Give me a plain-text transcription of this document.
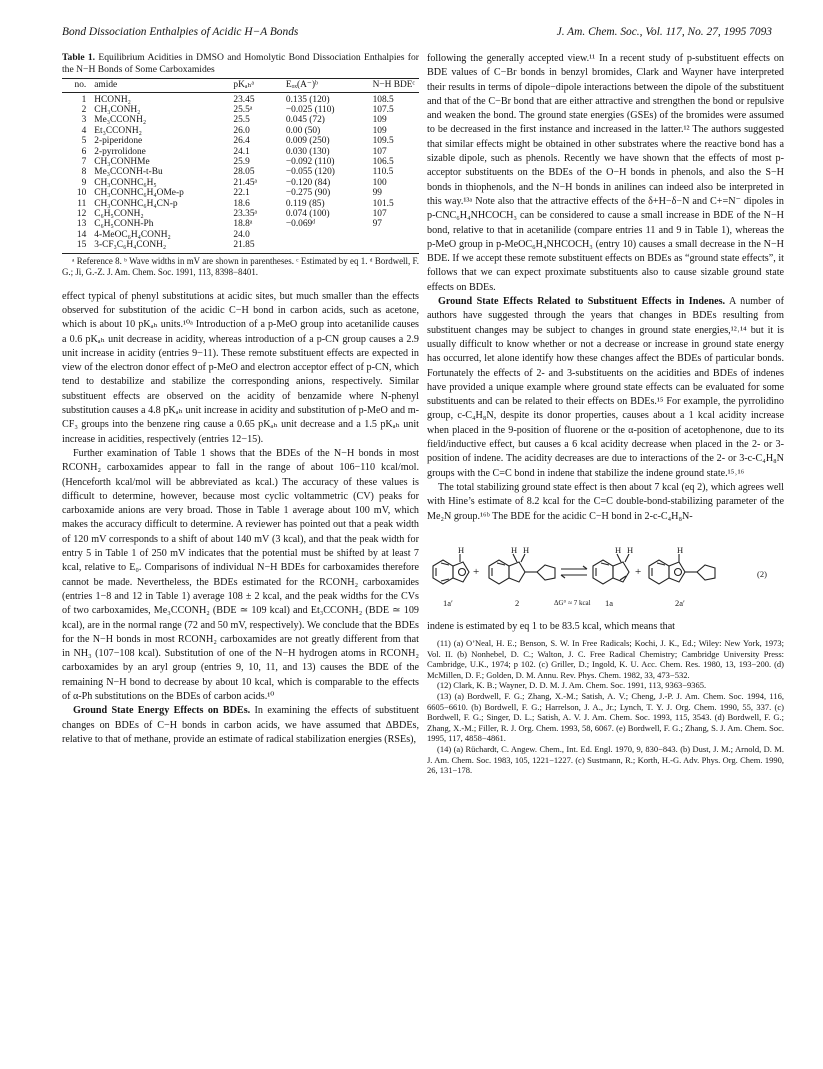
Bond Dissociation Enthalpies of Acidic H−A Bonds	J. Am. Chem. Soc., Vol. 117, No. 27, 1995 7093
Table 1. Equilibrium Acidities in DMSO and Homolytic Bond Dissociation Enthalpies for the N−H Bonds of Some Carboxamides
no.	amide	pKₐₕᵃ	Eₒₓ(A⁻)ᵇ	N−H BDEᶜ
1	HCONH₂	23.45	0.135 (120)	108.5
2	CH₃CONH₂	25.5ᵃ	−0.025 (110)	107.5
3	Me₃CCONH₂	25.5	0.045 (72)	109
4	Et₃CCONH₂	26.0	0.00 (50)	109
5	2-piperidone	26.4	0.009 (250)	109.5
6	2-pyrrolidone	24.1	0.030 (130)	107
7	CH₃CONHMe	25.9	−0.092 (110)	106.5
8	Me₃CCONH-t-Bu	28.05	−0.055 (120)	110.5
9	CH₃CONHC₆H₅	21.45ᵃ	−0.120 (84)	100
10	CH₃CONHC₆H₄OMe-p	22.1	−0.275 (90)	99
11	CH₃CONHC₆H₄CN-p	18.6	0.119 (85)	101.5
12	C₆H₅CONH₂	23.35ᵃ	0.074 (100)	107
13	C₆H₅CONH-Ph	18.8ᵃ	−0.069ᵈ	97
14	4-MeOC₆H₄CONH₂	24.0		
15	3-CF₃C₆H₄CONH₂	21.85		

ᵃ Reference 8. ᵇ Wave widths in mV are shown in parentheses. ᶜ Estimated by eq 1. ᵈ Bordwell, F. G.; Ji, G.-Z. J. Am. Chem. Soc. 1991, 113, 8398−8401.

effect typical of phenyl substitutions at acidic sites, but much smaller than the effects observed for substitution of the acidic C−H bond in carbon acids, such as acetone, which is about 10 pKₐₕ units.¹⁰ᵃ Introduction of a p-MeO group into acetanilide causes a 0.6 pKₐₕ unit decrease in acidity, whereas introduction of a p-CN group causes a 2.9 unit increase in acidity (entries 9−11). These remote substituent effects are expected in view of the electron donor effect of p-MeO and electron acceptor effect of p-CN, which tend to destabilize and stabilize the corresponding anions, respectively. Similar substituent effects are observed on the acidity of benzamide where N-phenyl substitution causes a 4.8 pKₐₕ unit increase in acidity and substitution of p-MeO and m-CF₃ groups into the benzene ring cause a 0.65 pKₐₕ unit decrease and a 1.5 pKₐₕ unit increase in acidities, respectively (entries 12−15).

Further examination of Table 1 shows that the BDEs of the N−H bonds in most RCONH₂ carboxamides appear to fall in the range of about 106−110 kcal/mol. (Henceforth kcal/mol will be abbreviated as kcal.) The accuracy of these values is difficult to determine, however, because most cyclic voltammetric (CV) peaks for carboxamide anions are very broad. Those in Table 1 average about 100 mV, which makes the accuracy difficult to determine. A reviewer has pointed out that a peak width of 120 mV corresponds to a shift of about 140 mV (3 kcal), and that the peak width for entry 5 in Table 1 of 250 mV indicates that the potential must be shifted by at least 7 kcal, relative to E₀. Comparisons of individual N−H BDEs for carboxamides therefore cannot be made. Nevertheless, the BDEs estimated for the RCONH₂ carboxamides (entries 1−8 and 12 in Table 1) average 108 ± 2 kcal, and the peak widths for the CVs of two carboxamides, Me₃CCONH₂ (BDE ≃ 109 kcal) and Et₃CCONH₂ (BDE ≃ 109 kcal), are in the normal range (72 and 50 mV, respectively). We conclude that the BDEs for the N−H bonds in most RCONH₂ carboxamides are not greatly different from that in NH₃ (107−108 kcal). Substitution of one of the N−H hydrogen atoms in RCONH₂ carboxamides by an aryl group (entries 9, 10, 11, and 13) causes the BDE of the remaining N−H bond to decrease by about 10 kcal, which is comparable to the effects of α-Ph substitutions on the BDEs of carbon acids.¹⁰

Ground State Energy Effects on BDEs. In examining the effects of substituent changes on BDEs of C−H bonds in carbon acids, we have assumed that ΔBDEs, relative to that of methane, provide an estimate of radical stabilization energies (RSEs),

following the generally accepted view.¹¹ In a recent study of p-substituent effects on BDE values of C−Br bonds in benzyl bromides, Clark and Wayner have interpreted their results in terms of dipole−dipole interactions between the dipole of the substituent and that of the C−Br bond that are either attractive and strengthen the bond or repulsive and weaken the bond. The ground state energies (GSEs) of the bromides were assumed to be decreased in the first instance and increased in the latter.¹² The authors suggested that similar effects might be obtained in other substrates where the reactive bond has a sizable dipole, such as phenols. Recently we have shown that the effects of most p-acceptor substituents on the BDEs of the O−H bonds in phenols, and also the S−H bonds in thiophenols, and the N−H bonds in anilines can indeed also be interpreted in this way.¹³ᵃ Note also that the attractive effects of the δ+H−δ−N and C+=N⁻ dipoles in p-CNC₆H₄NHCOCH₃ can be considered to cause a small increase in BDE of the N−H bond, relative to that in acetanilide (compare entries 11 and 9 in Table 1), whereas the p-MeO group in p-MeOC₆H₄NHCOCH₃ (entry 10) causes a small decrease in the N−H BDE. If we accept these remote substituent effects on BDEs as “ground state effects”, it follows that we can expect proximate substituents also to cause sizable ground state effects on BDEs.

Ground State Effects Related to Substituent Effects in Indenes. A number of authors have suggested through the years that changes in BDEs resulting from substituent changes may be subject to changes in ground state energies,¹²˒¹⁴ but it is usually difficult to know whether or not a decrease or increase in ground state energy has occurred, let alone identify how these changes affect the BDEs of particular bonds. Fortunately the effects of 2- and 3-substituents on the acidities and BDEs of indenes have provided a unique example where ground state effects can be evaluated for some substituents and can be related to their effects on BDEs.¹⁵ For example, the pyrrolidino group, c-C₄H₈N, despite its donor properties, causes about a 1 kcal acidity increase when placed in the 9-position of fluorene or the α-position of acetophenone, due to its field/inductive effect, but causes a 6 kcal acidity decrease when placed in the 2- or 3-position of indene. The acidity decreases are due to interactions of the 2- or 3-c-C₄H₈N groups with the C=C bond in indene that stabilize the indene ground state.¹⁵˒¹⁶

The total stabilizing ground state effect is then about 7 kcal (eq 2), which agrees well with Hine’s estimate of 8.2 kcal for the C=C double-bond-stabilizing parameter of the Me₂N group.¹⁶ᵇ The BDE for the acidic C−H bond in 2-c-C₄H₈N-

H	H H	H H	H
+	+	(2)
1a′	2	ΔG° ≈ 7 kcal 1a	2a′

indene is estimated by eq 1 to be 83.5 kcal, which means that

(11) (a) O’Neal, H. E.; Benson, S. W. In Free Radicals; Kochi, J. K., Ed.; Wiley: New York, 1973; Vol. II. (b) Nonhebel, D. C.; Walton, J. C. Free Radical Chemistry; Cambridge University Press: Cambridge, U.K., 1974; p 102. (c) Griller, D.; Ingold, K. U. Acc. Chem. Res. 1980, 13, 193−200. (d) McMillen, D. F.; Golden, D. M. Annu. Rev. Phys. Chem. 1982, 33, 473−532.

(12) Clark, K. B.; Wayner, D. D. M. J. Am. Chem. Soc. 1991, 113, 9363−9365.

(13) (a) Bordwell, F. G.; Zhang, X.-M.; Satish, A. V.; Cheng, J.-P. J. Am. Chem. Soc. 1994, 116, 6605−6610. (b) Bordwell, F. G.; Harrelson, J. A., Jr.; Lynch, T. Y. J. Org. Chem. 1990, 55, 337. (c) Bordwell, F. G.; Singer, D. L.; Satish, A. V. J. Am. Chem. Soc. 1993, 115, 3543. (d) Bordwell, F. G.; Zhang, X.-M.; Filler, R. J. Org. Chem. 1993, 58, 6067. (e) Bordwell, F. G.; Zhang, S. J. Am. Chem. Soc. 1995, 117, 4858−4861.

(14) (a) Rüchardt, C. Angew. Chem., Int. Ed. Engl. 1970, 9, 830−843. (b) Dust, J. M.; Arnold, D. M. J. Am. Chem. Soc. 1983, 105, 1221−1227. (c) Sustmann, R.; Korth, H.-G. Adv. Phys. Org. Chem. 1990, 26, 131−178.
